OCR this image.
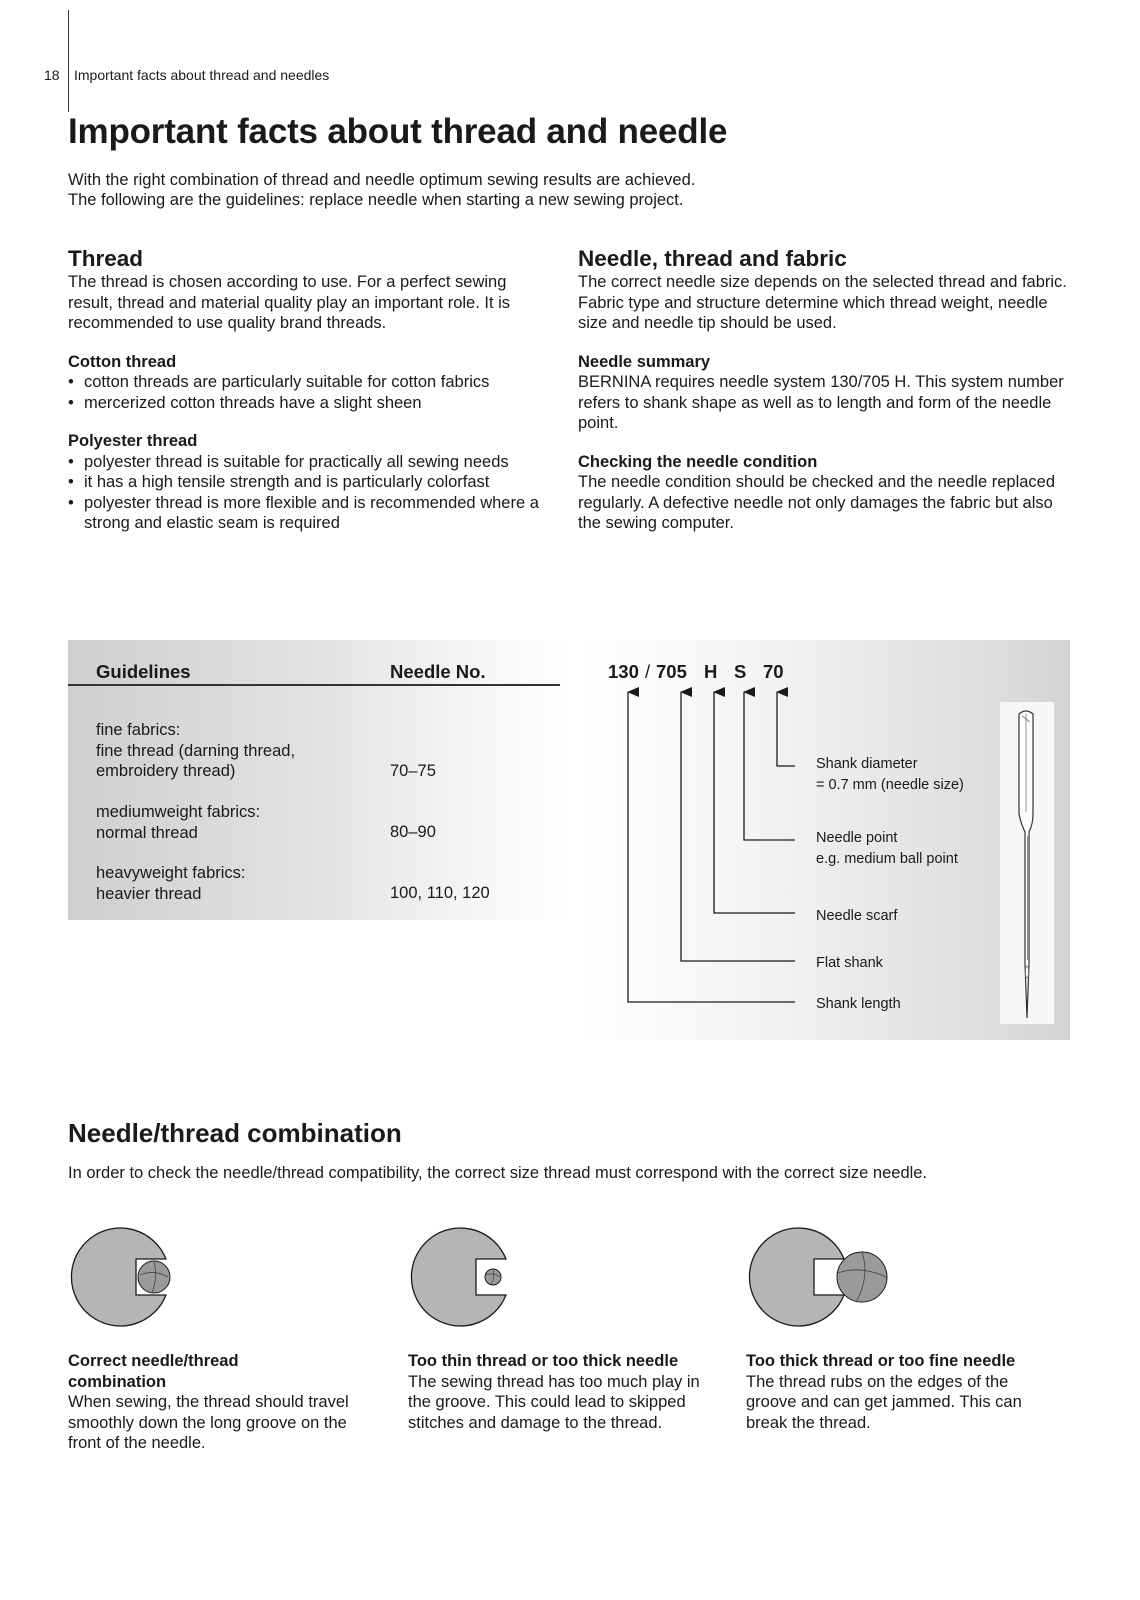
18 Important facts about thread and needles
Important facts about thread and needle

With the right combination of thread and needle optimum sewing results are achieved.

The following are the guidelines: replace needle when starting a new sewing project.

Thread

The thread is chosen according to use. For a perfect sewing result, thread and material quality play an important role. It is recommended to use quality brand threads.

Cotton thread
• cotton threads are particularly suitable for cotton fabrics
• mercerized cotton threads have a slight sheen
Polyester thread
• polyester thread is suitable for practically all sewing needs
• it has a high tensile strength and is particularly colorfast
• polyester thread is more flexible and is recommended where a strong and elastic seam is required
Needle, thread and fabric

The correct needle size depends on the selected thread and fabric. Fabric type and structure determine which thread weight, needle size and needle tip should be used.

Needle summary

BERNINA requires needle system 130/705 H. This system number refers to shank shape as well as to length and form of the needle point.

Checking the needle condition

The needle condition should be checked and the needle replaced regularly. A defective needle not only damages the fabric but also the sewing computer.

Guidelines	Needle No.
fine fabrics:
fine thread (darning thread,
embroidery thread)	70–75
mediumweight fabrics:
normal thread	80–90
heavyweight fabrics:
heavier thread	100, 110, 120
130 / 705 H S 70
Shank diameter
= 0.7 mm (needle size)
Needle point
e.g. medium ball point
Needle scarf
Flat shank
Shank length
Needle/thread combination
In order to check the needle/thread compatibility, the correct size thread must correspond with the correct size needle.
Correct needle/thread
combination
When sewing, the thread should travel smoothly down the long groove on the front of the needle.
Too thin thread or too thick needle
The sewing thread has too much play in the groove. This could lead to skipped stitches and damage to the thread.
Too thick thread or too fine needle
The thread rubs on the edges of the groove and can get jammed. This can break the thread.
